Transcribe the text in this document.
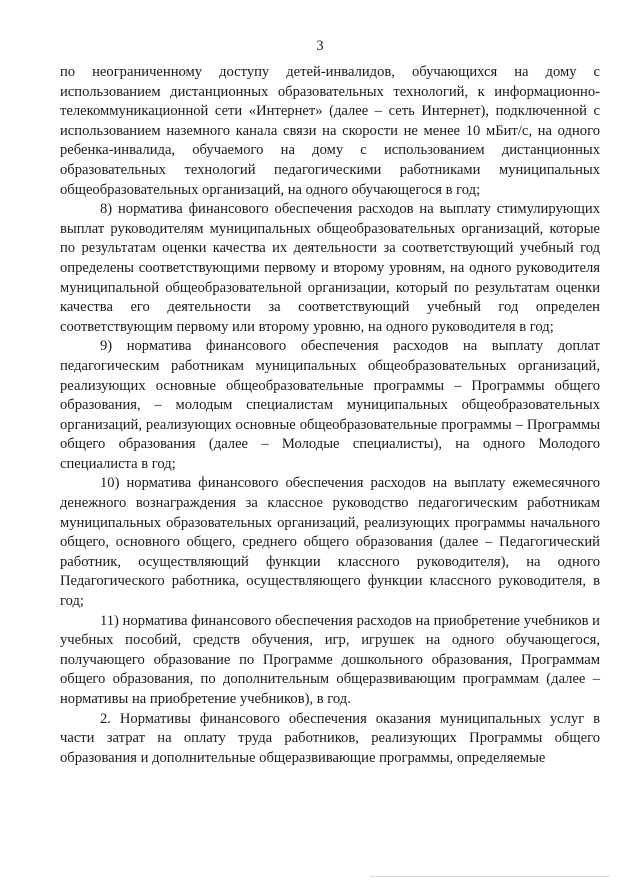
3

по неограниченному доступу детей-инвалидов, обучающихся на дому с использованием дистанционных образовательных технологий, к информационно-телекоммуникационной сети «Интернет» (далее – сеть Интернет), подключенной с использованием наземного канала связи на скорости не менее 10 мБит/с, на одного ребенка-инвалида, обучаемого на дому с использованием дистанционных образовательных технологий педагогическими работниками муниципальных общеобразовательных организаций, на одного обучающегося в год;

8) норматива финансового обеспечения расходов на выплату стимулирующих выплат руководителям муниципальных общеобразовательных организаций, которые по результатам оценки качества их деятельности за соответствующий учебный год определены соответствующими первому и второму уровням, на одного руководителя муниципальной общеобразовательной организации, который по результатам оценки качества его деятельности за соответствующий учебный год определен соответствующим первому или второму уровню, на одного руководителя в год;

9) норматива финансового обеспечения расходов на выплату доплат педагогическим работникам муниципальных общеобразовательных организаций, реализующих основные общеобразовательные программы – Программы общего образования, – молодым специалистам муниципальных общеобразовательных организаций, реализующих основные общеобразовательные программы – Программы общего образования (далее – Молодые специалисты), на одного Молодого специалиста в год;

10) норматива финансового обеспечения расходов на выплату ежемесячного денежного вознаграждения за классное руководство педагогическим работникам муниципальных образовательных организаций, реализующих программы начального общего, основного общего, среднего общего образования (далее – Педагогический работник, осуществляющий функции классного руководителя), на одного Педагогического работника, осуществляющего функции классного руководителя, в год;

11) норматива финансового обеспечения расходов на приобретение учебников и учебных пособий, средств обучения, игр, игрушек на одного обучающегося, получающего образование по Программе дошкольного образования, Программам общего образования, по дополнительным общеразвивающим программам (далее – нормативы на приобретение учебников), в год.

2. Нормативы финансового обеспечения оказания муниципальных услуг в части затрат на оплату труда работников, реализующих Программы общего образования и дополнительные общеразвивающие программы, определяемые
